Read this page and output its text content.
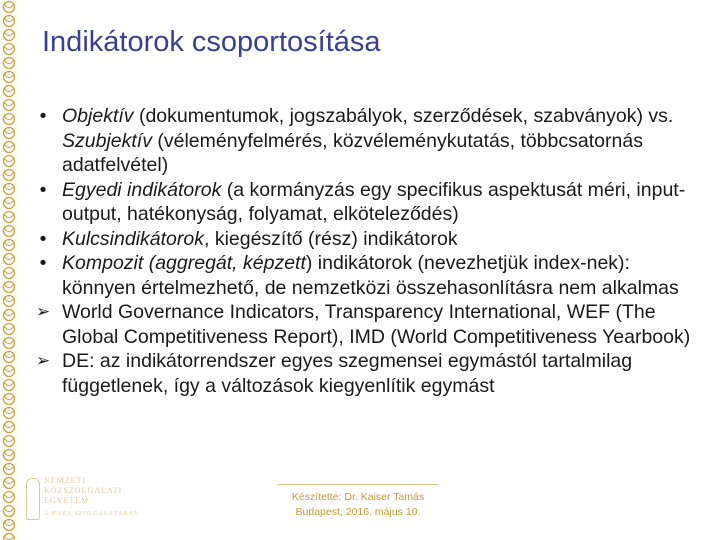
Indikátorok csoportosítása
• Objektív (dokumentumok, jogszabályok, szerződések, szabványok) vs. Szubjektív (véleményfelmérés, közvéleménykutatás, többcsatornás adatfelvétel)
• Egyedi indikátorok (a kormányzás egy specifikus aspektusát méri, input-output, hatékonyság, folyamat, elköteleződés)
• Kulcsindikátorok, kiegészítő (rész) indikátorok
• Kompozit (aggregát, képzett) indikátorok (nevezhetjük index-nek): könnyen értelmezhető, de nemzetközi összehasonlításra nem alkalmas
➢ World Governance Indicators, Transparency International, WEF (The Global Competitiveness Report), IMD (World Competitiveness Yearbook)
➢ DE: az indikátorrendszer egyes szegmensei egymástól tartalmilag függetlenek, így a változások kiegyenlítik egymást
NEMZETI
KÖZSZOLGÁLATI
EGYETEM
A HAZA SZOLGÁLATÁBAN
Készítette: Dr. Kaiser Tamás
Budapest, 2016. május 10.
